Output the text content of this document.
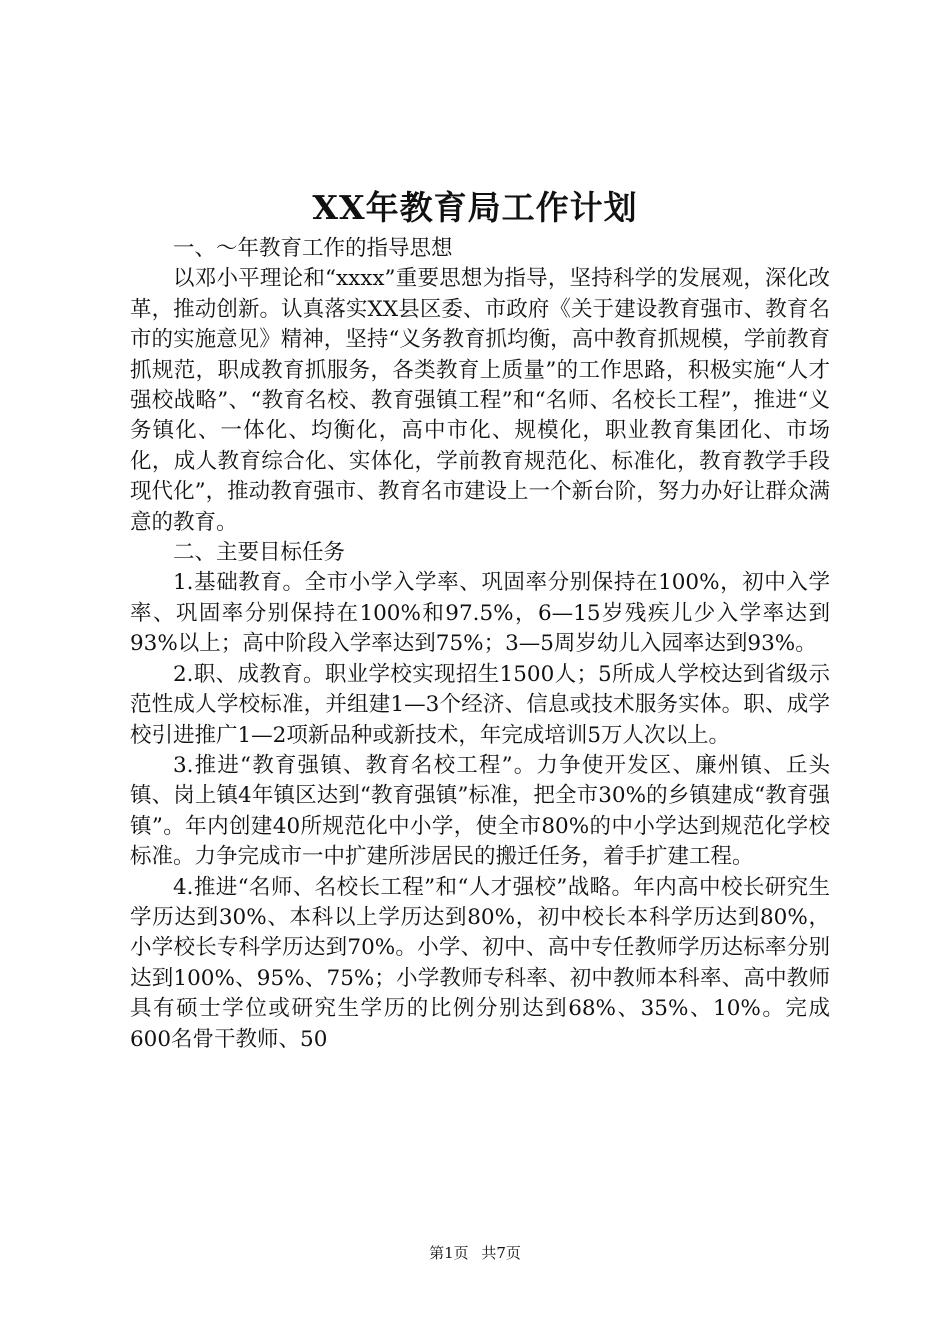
XX年教育局工作计划

一、～年教育工作的指导思想

以邓小平理论和“xxxx”重要思想为指导，坚持科学的发展观，深化改革，推动创新。认真落实XX县区委、市政府《关于建设教育强市、教育名市的实施意见》精神，坚持“义务教育抓均衡，高中教育抓规模，学前教育抓规范，职成教育抓服务，各类教育上质量”的工作思路，积极实施“人才强校战略”、“教育名校、教育强镇工程”和“名师、名校长工程”，推进“义务镇化、一体化、均衡化，高中市化、规模化，职业教育集团化、市场化，成人教育综合化、实体化，学前教育规范化、标准化，教育教学手段现代化”，推动教育强市、教育名市建设上一个新台阶，努力办好让群众满意的教育。

二、主要目标任务

1.基础教育。全市小学入学率、巩固率分别保持在100%，初中入学率、巩固率分别保持在100%和97.5%，6—15岁残疾儿少入学率达到93%以上；高中阶段入学率达到75%；3—5周岁幼儿入园率达到93%。

2.职、成教育。职业学校实现招生1500人；5所成人学校达到省级示范性成人学校标准，并组建1—3个经济、信息或技术服务实体。职、成学校引进推广1—2项新品种或新技术，年完成培训5万人次以上。

3.推进“教育强镇、教育名校工程”。力争使开发区、廉州镇、丘头镇、岗上镇4年镇区达到“教育强镇”标准，把全市30%的乡镇建成“教育强镇”。年内创建40所规范化中小学，使全市80%的中小学达到规范化学校标准。力争完成市一中扩建所涉居民的搬迁任务，着手扩建工程。

4.推进“名师、名校长工程”和“人才强校”战略。年内高中校长研究生学历达到30%、本科以上学历达到80%，初中校长本科学历达到80%，小学校长专科学历达到70%。小学、初中、高中专任教师学历达标率分别达到100%、95%、75%；小学教师专科率、初中教师本科率、高中教师具有硕士学位或研究生学历的比例分别达到68%、35%、10%。完成600名骨干教师、50

第1页 共7页
